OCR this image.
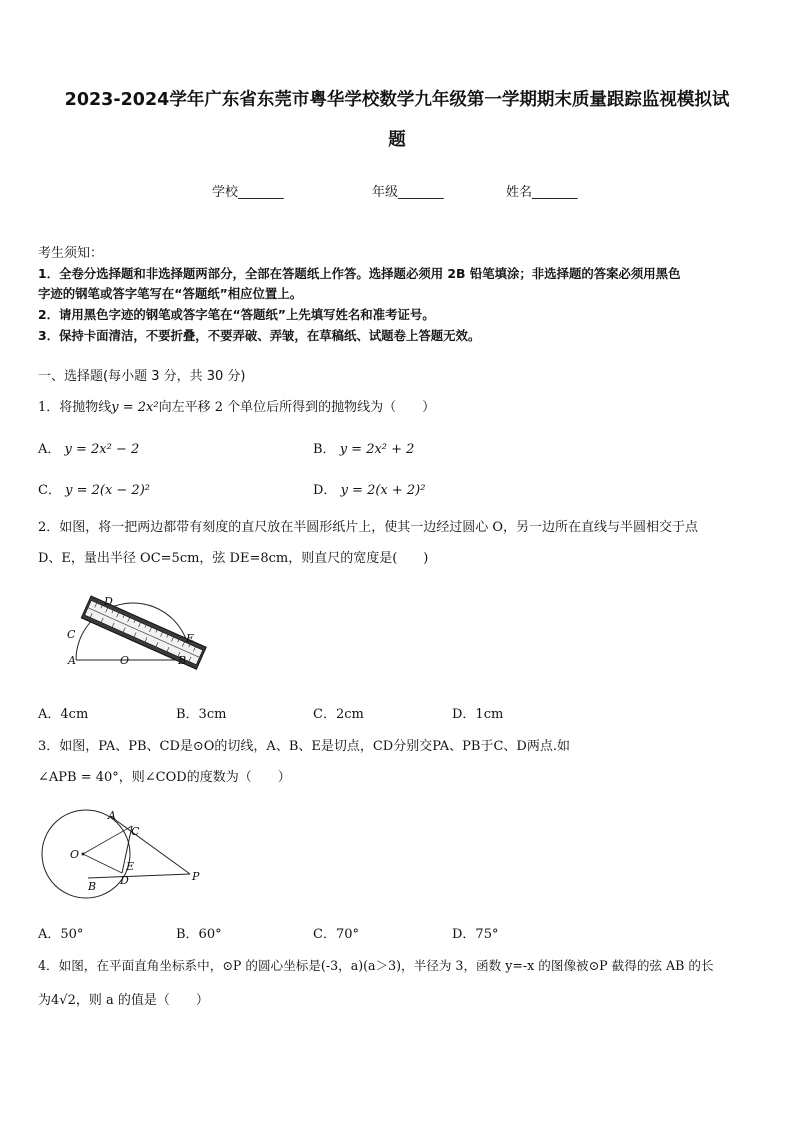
2023-2024学年广东省东莞市粤华学校数学九年级第一学期期末质量跟踪监视模拟试
题
学校_______	年级_______	姓名_______
考生须知：
1．全卷分选择题和非选择题两部分，全部在答题纸上作答。选择题必须用 2B 铅笔填涂；非选择题的答案必须用黑色
字迹的钢笔或答字笔写在“答题纸”相应位置上。
2．请用黑色字迹的钢笔或答字笔在“答题纸”上先填写姓名和准考证号。
3．保持卡面清洁，不要折叠，不要弄破、弄皱，在草稿纸、试题卷上答题无效。
一、选择题(每小题 3 分，共 30 分)
1．将抛物线y = 2x²向左平移 2 个单位后所得到的抛物线为（　　）
A． y = 2x² − 2	B． y = 2x² + 2
C． y = 2(x − 2)²	D． y = 2(x + 2)²
2．如图，将一把两边都带有刻度的直尺放在半圆形纸片上，使其一边经过圆心 O，另一边所在直线与半圆相交于点
D、E，量出半径 OC=5cm，弦 DE=8cm，则直尺的宽度是(　　)
D
C
A	O
E
B
A．4cm	B．3cm	C．2cm	D．1cm
3．如图，PA、PB、CD是⊙O的切线，A、B、E是切点，CD分别交PA、PB于C、D两点.如
∠APB = 40°，则∠COD的度数为（　　）
A
C
O
E
P
B D
A．50°	B．60°	C．70°	D．75°
4．如图，在平面直角坐标系中，⊙P 的圆心坐标是(-3，a)(a＞3)，半径为 3，函数 y=-x 的图像被⊙P 截得的弦 AB 的长
为4√2，则 a 的值是（　　）
